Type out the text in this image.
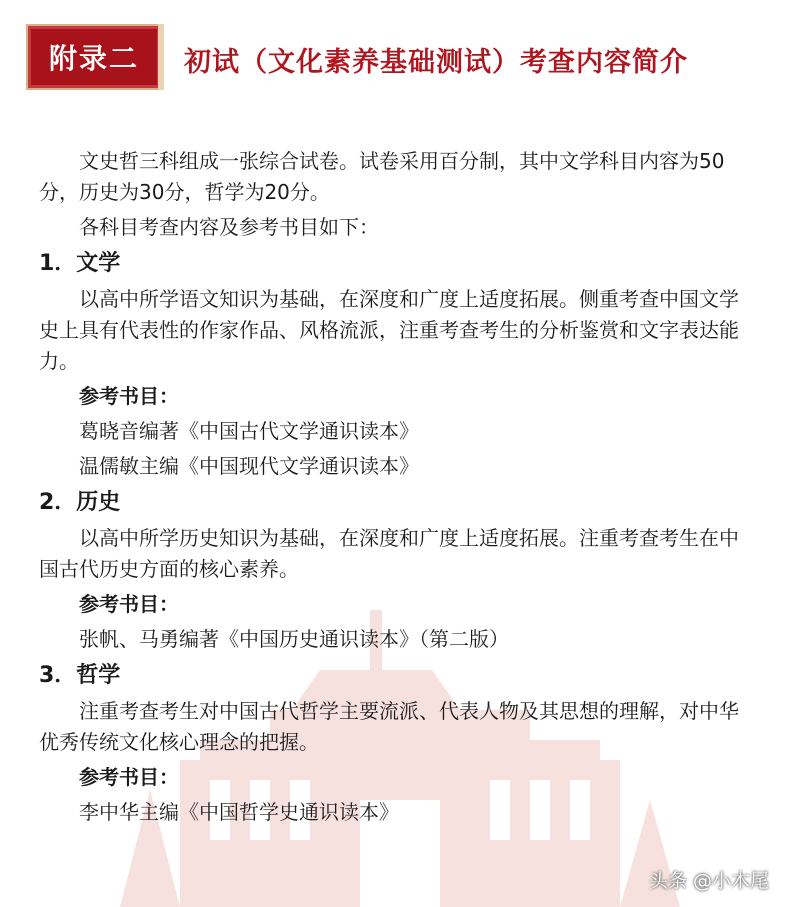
附录二 初试（文化素养基础测试）考查内容简介

文史哲三科组成一张综合试卷。试卷采用百分制，其中文学科目内容为50分，历史为30分，哲学为20分。

各科目考查内容及参考书目如下：

1．文学

以高中所学语文知识为基础，在深度和广度上适度拓展。侧重考查中国文学史上具有代表性的作家作品、风格流派，注重考查考生的分析鉴赏和文字表达能力。

参考书目：

葛晓音编著《中国古代文学通识读本》

温儒敏主编《中国现代文学通识读本》

2．历史

以高中所学历史知识为基础，在深度和广度上适度拓展。注重考查考生在中国古代历史方面的核心素养。

参考书目：

张帆、马勇编著《中国历史通识读本》（第二版）

3．哲学

注重考查考生对中国古代哲学主要流派、代表人物及其思想的理解，对中华优秀传统文化核心理念的把握。

参考书目：

李中华主编《中国哲学史通识读本》

头条 @小木尾
